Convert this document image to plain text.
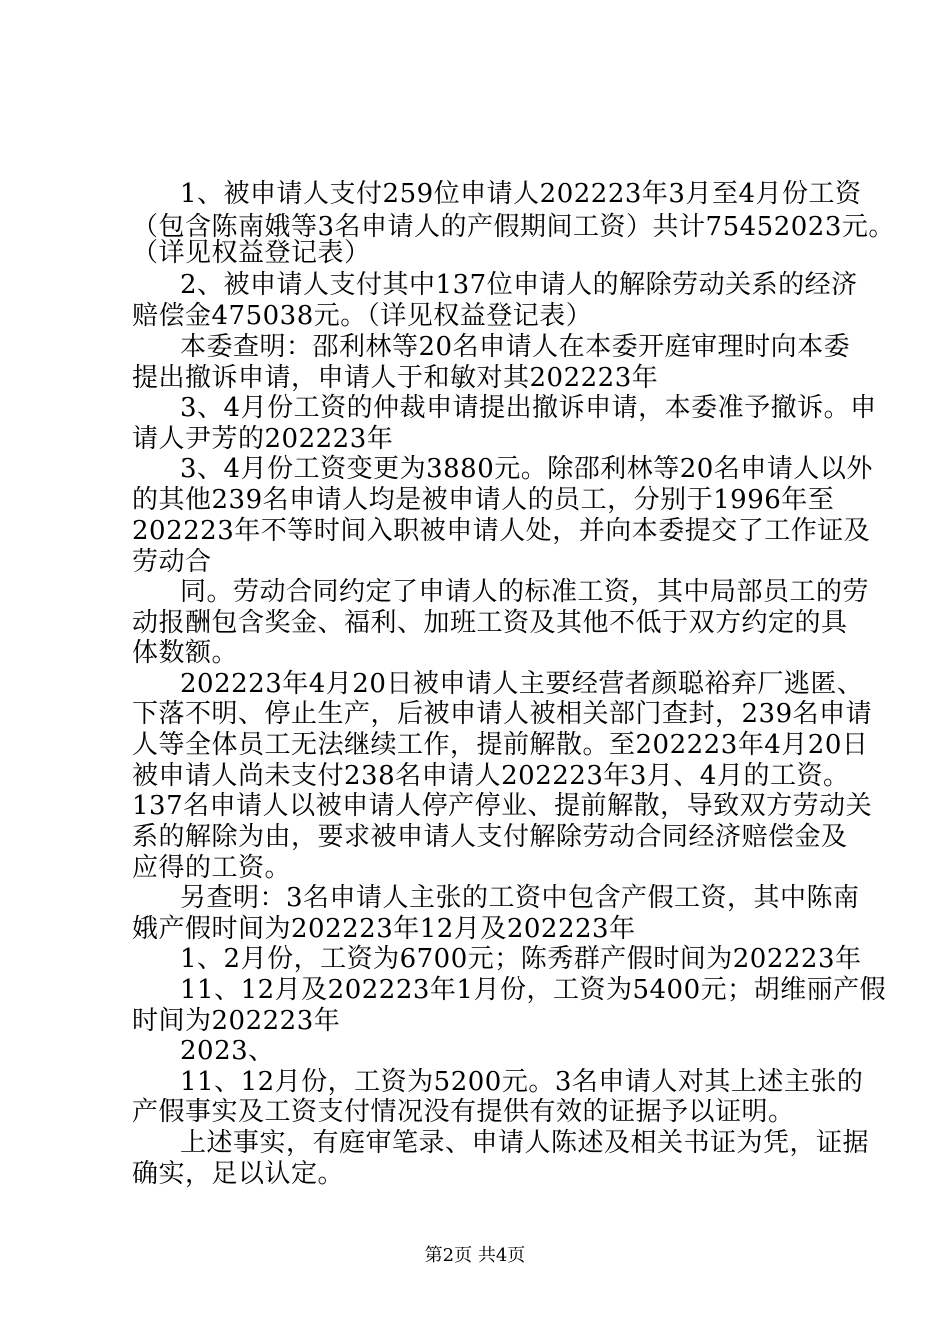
1、被申请人支付259位申请人202223年3月至4月份工资
（包含陈南娥等3名申请人的产假期间工资）共计75452023元。
（详见权益登记表）
2、被申请人支付其中137位申请人的解除劳动关系的经济
赔偿金475038元。（详见权益登记表）
本委查明：邵利林等20名申请人在本委开庭审理时向本委
提出撤诉申请，申请人于和敏对其202223年
3、4月份工资的仲裁申请提出撤诉申请，本委准予撤诉。申
请人尹芳的202223年
3、4月份工资变更为3880元。除邵利林等20名申请人以外
的其他239名申请人均是被申请人的员工，分别于1996年至
202223年不等时间入职被申请人处，并向本委提交了工作证及
劳动合
同。劳动合同约定了申请人的标准工资，其中局部员工的劳
动报酬包含奖金、福利、加班工资及其他不低于双方约定的具
体数额。
202223年4月20日被申请人主要经营者颜聪裕弃厂逃匿、
下落不明、停止生产，后被申请人被相关部门查封，239名申请
人等全体员工无法继续工作，提前解散。至202223年4月20日
被申请人尚未支付238名申请人202223年3月、4月的工资。
137名申请人以被申请人停产停业、提前解散，导致双方劳动关
系的解除为由，要求被申请人支付解除劳动合同经济赔偿金及
应得的工资。
另查明：3名申请人主张的工资中包含产假工资，其中陈南
娥产假时间为202223年12月及202223年
1、2月份，工资为6700元；陈秀群产假时间为202223年
11、12月及202223年1月份，工资为5400元；胡维丽产假
时间为202223年
2023、
11、12月份，工资为5200元。3名申请人对其上述主张的
产假事实及工资支付情况没有提供有效的证据予以证明。
上述事实，有庭审笔录、申请人陈述及相关书证为凭，证据
确实，足以认定。
第2页 共4页
